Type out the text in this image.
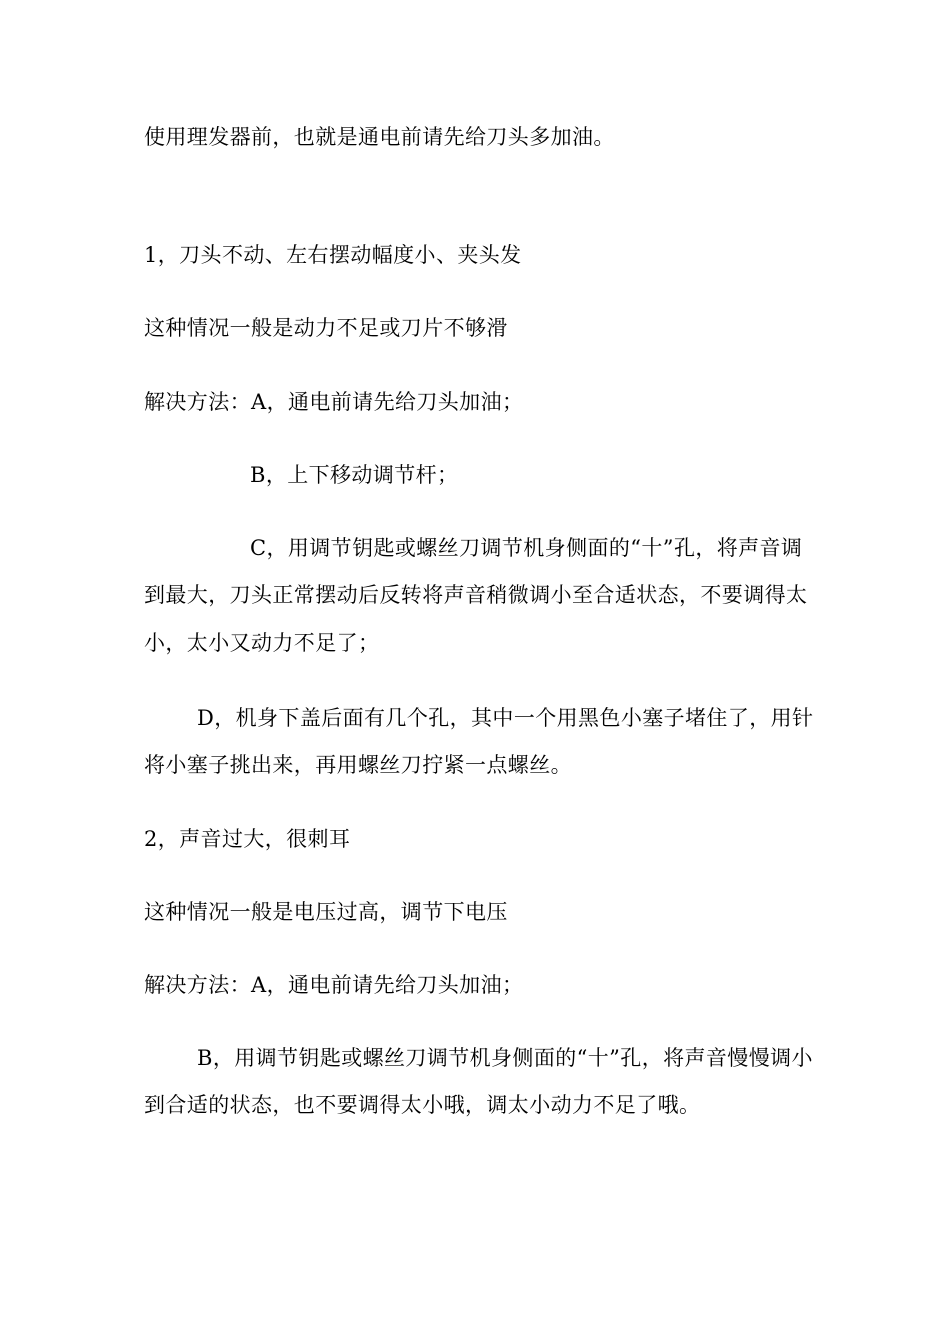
使用理发器前，也就是通电前请先给刀头多加油。
1，刀头不动、左右摆动幅度小、夹头发
这种情况一般是动力不足或刀片不够滑
解决方法：A，通电前请先给刀头加油；
B，上下移动调节杆；
C，用调节钥匙或螺丝刀调节机身侧面的“十”孔，将声音调
到最大，刀头正常摆动后反转将声音稍微调小至合适状态，不要调得太
小，太小又动力不足了；
D，机身下盖后面有几个孔，其中一个用黑色小塞子堵住了，用针
将小塞子挑出来，再用螺丝刀拧紧一点螺丝。
2，声音过大，很刺耳
这种情况一般是电压过高，调节下电压
解决方法：A，通电前请先给刀头加油；
B，用调节钥匙或螺丝刀调节机身侧面的“十”孔，将声音慢慢调小
到合适的状态，也不要调得太小哦，调太小动力不足了哦。
